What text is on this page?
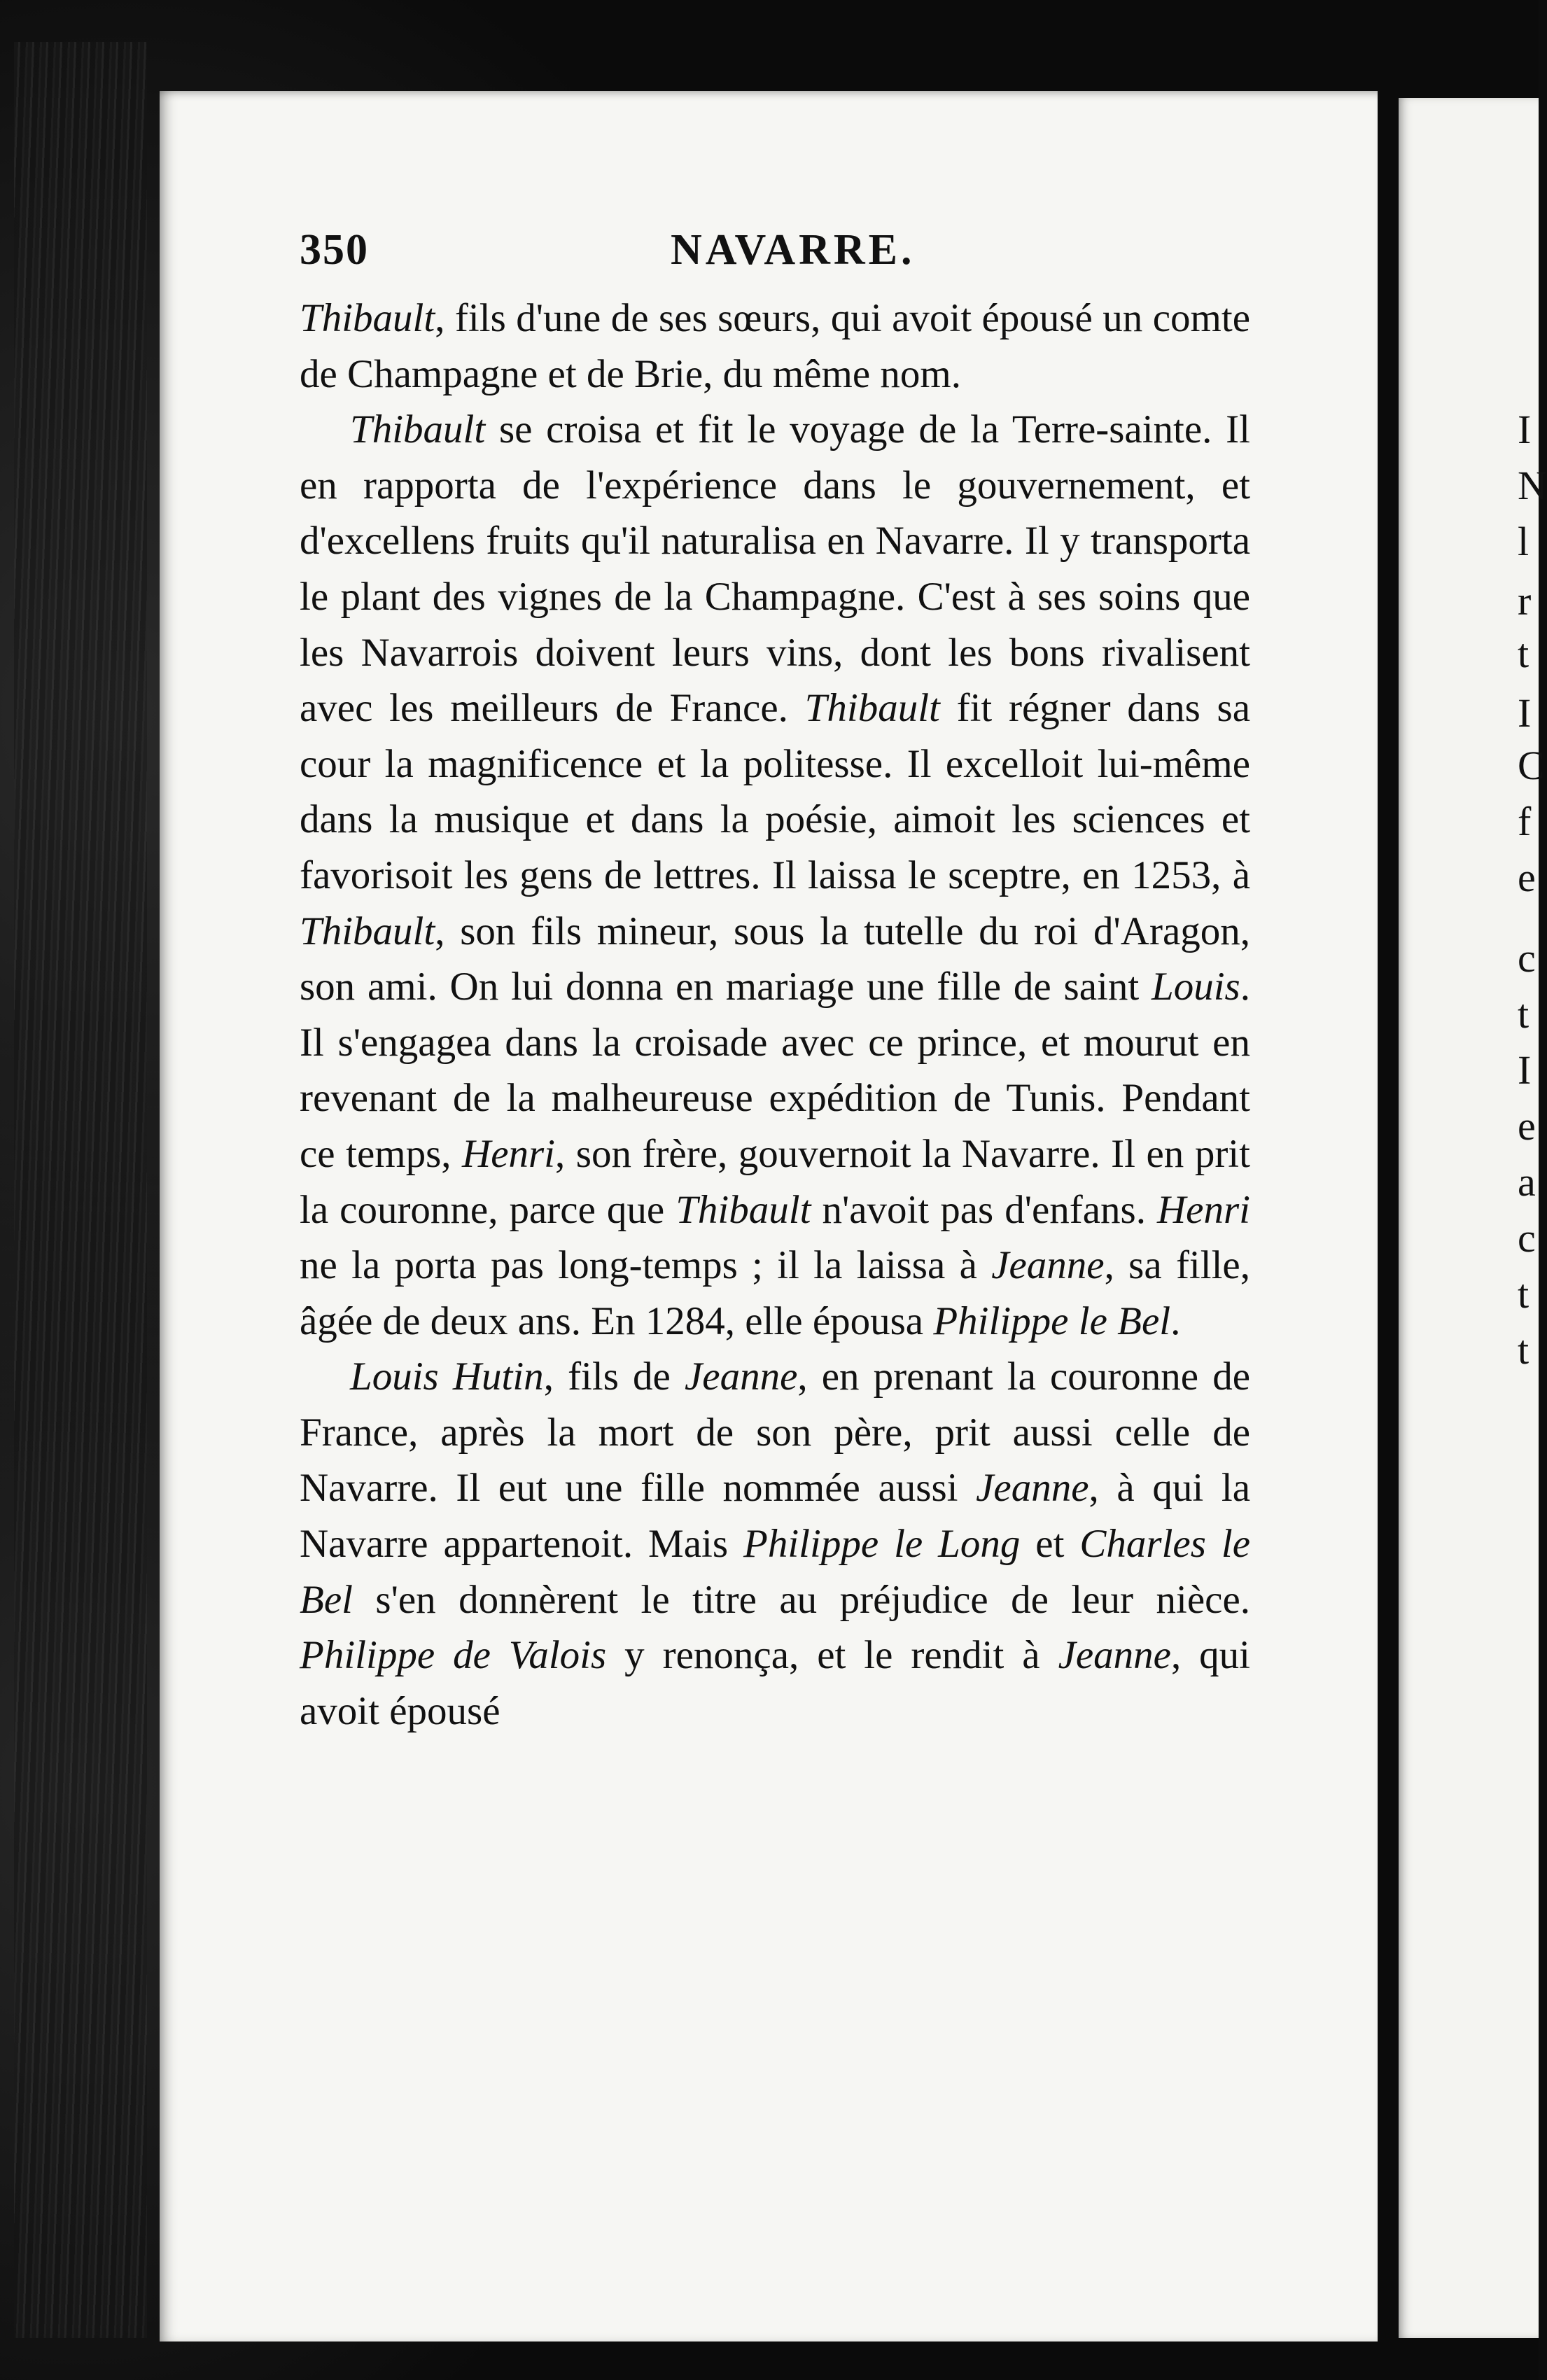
I
N
l
r
t
I
C
f
e
c
t
I
e
a
c
t
t
350	NAVARRE.

Thibault, fils d'une de ses sœurs, qui avoit épousé un comte de Champagne et de Brie, du même nom.

Thibault se croisa et fit le voyage de la Terre-sainte. Il en rapporta de l'expérience dans le gouvernement, et d'excellens fruits qu'il naturalisa en Navarre. Il y transporta le plant des vignes de la Champagne. C'est à ses soins que les Navarrois doivent leurs vins, dont les bons rivalisent avec les meilleurs de France. Thibault fit régner dans sa cour la magnificence et la politesse. Il excelloit lui-même dans la musique et dans la poésie, aimoit les sciences et favorisoit les gens de lettres. Il laissa le sceptre, en 1253, à Thibault, son fils mineur, sous la tutelle du roi d'Aragon, son ami. On lui donna en mariage une fille de saint Louis. Il s'engagea dans la croisade avec ce prince, et mourut en revenant de la malheureuse expédition de Tunis. Pendant ce temps, Henri, son frère, gouvernoit la Navarre. Il en prit la couronne, parce que Thibault n'avoit pas d'enfans. Henri ne la porta pas long-temps ; il la laissa à Jeanne, sa fille, âgée de deux ans. En 1284, elle épousa Philippe le Bel.

Louis Hutin, fils de Jeanne, en prenant la couronne de France, après la mort de son père, prit aussi celle de Navarre. Il eut une fille nommée aussi Jeanne, à qui la Navarre appartenoit. Mais Philippe le Long et Charles le Bel s'en donnèrent le titre au préjudice de leur nièce. Philippe de Valois y renonça, et le rendit à Jeanne, qui avoit épousé
